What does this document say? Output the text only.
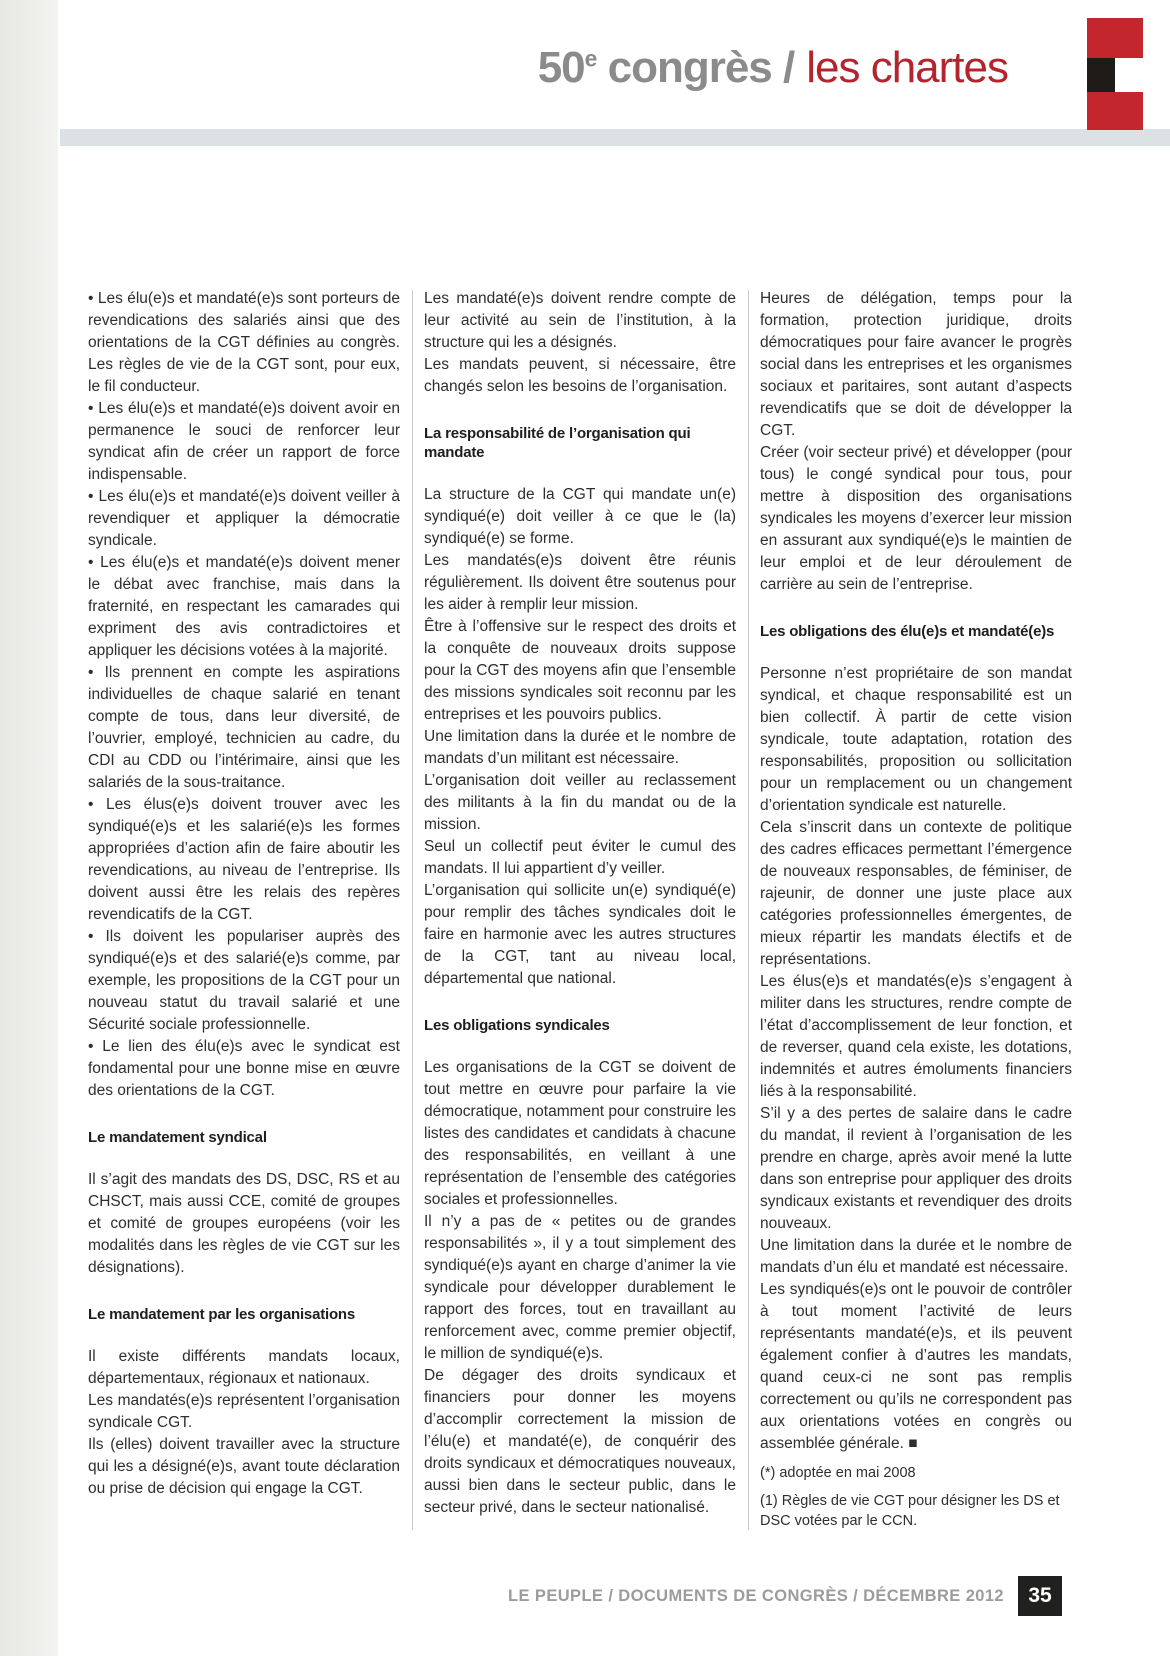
50e congrès / les chartes

• Les élu(e)s et mandaté(e)s sont porteurs de revendications des salariés ainsi que des orientations de la CGT définies au congrès. Les règles de vie de la CGT sont, pour eux, le fil conducteur.

• Les élu(e)s et mandaté(e)s doivent avoir en permanence le souci de renforcer leur syndicat afin de créer un rapport de force indispensable.

• Les élu(e)s et mandaté(e)s doivent veiller à revendiquer et appliquer la démocratie syndicale.

• Les élu(e)s et mandaté(e)s doivent mener le débat avec franchise, mais dans la fraternité, en respectant les camarades qui expriment des avis contradictoires et appliquer les décisions votées à la majorité.

• Ils prennent en compte les aspirations individuelles de chaque salarié en tenant compte de tous, dans leur diversité, de l’ouvrier, employé, technicien au cadre, du CDI au CDD ou l’intérimaire, ainsi que les salariés de la sous-traitance.

• Les élus(e)s doivent trouver avec les syndiqué(e)s et les salarié(e)s les formes appropriées d’action afin de faire aboutir les revendications, au niveau de l’entreprise. Ils doivent aussi être les relais des repères revendicatifs de la CGT.

• Ils doivent les populariser auprès des syndiqué(e)s et des salarié(e)s comme, par exemple, les propositions de la CGT pour un nouveau statut du travail salarié et une Sécurité sociale professionnelle.

• Le lien des élu(e)s avec le syndicat est fondamental pour une bonne mise en œuvre des orientations de la CGT.

Le mandatement syndical

Il s’agit des mandats des DS, DSC, RS et au CHSCT, mais aussi CCE, comité de groupes et comité de groupes européens (voir les modalités dans les règles de vie CGT sur les désignations).

Le mandatement par les organisations

Il existe différents mandats locaux, départementaux, régionaux et nationaux.

Les mandatés(e)s représentent l’organisation syndicale CGT.

Ils (elles) doivent travailler avec la structure qui les a désigné(e)s, avant toute déclaration ou prise de décision qui engage la CGT.

Les mandaté(e)s doivent rendre compte de leur activité au sein de l’institution, à la structure qui les a désignés.

Les mandats peuvent, si nécessaire, être changés selon les besoins de l’organisation.

La responsabilité de l’organisation qui mandate

La structure de la CGT qui mandate un(e) syndiqué(e) doit veiller à ce que le (la) syndiqué(e) se forme.

Les mandatés(e)s doivent être réunis régulièrement. Ils doivent être soutenus pour les aider à remplir leur mission.

Être à l’offensive sur le respect des droits et la conquête de nouveaux droits suppose pour la CGT des moyens afin que l’ensemble des missions syndicales soit reconnu par les entreprises et les pouvoirs publics.

Une limitation dans la durée et le nombre de mandats d’un militant est nécessaire.

L’organisation doit veiller au reclassement des militants à la fin du mandat ou de la mission.

Seul un collectif peut éviter le cumul des mandats. Il lui appartient d’y veiller.

L’organisation qui sollicite un(e) syndiqué(e) pour remplir des tâches syndicales doit le faire en harmonie avec les autres structures de la CGT, tant au niveau local, départemental que national.

Les obligations syndicales

Les organisations de la CGT se doivent de tout mettre en œuvre pour parfaire la vie démocratique, notamment pour construire les listes des candidates et candidats à chacune des responsabilités, en veillant à une représentation de l’ensemble des catégories sociales et professionnelles.

Il n’y a pas de « petites ou de grandes responsabilités », il y a tout simplement des syndiqué(e)s ayant en charge d’animer la vie syndicale pour développer durablement le rapport des forces, tout en travaillant au renforcement avec, comme premier objectif, le million de syndiqué(e)s.

De dégager des droits syndicaux et financiers pour donner les moyens d’accomplir correctement la mission de l’élu(e) et mandaté(e), de conquérir des droits syndicaux et démocratiques nouveaux, aussi bien dans le secteur public, dans le secteur privé, dans le secteur nationalisé.

Heures de délégation, temps pour la formation, protection juridique, droits démocratiques pour faire avancer le progrès social dans les entreprises et les organismes sociaux et paritaires, sont autant d’aspects revendicatifs que se doit de développer la CGT.

Créer (voir secteur privé) et développer (pour tous) le congé syndical pour tous, pour mettre à disposition des organisations syndicales les moyens d’exercer leur mission en assurant aux syndiqué(e)s le maintien de leur emploi et de leur déroulement de carrière au sein de l’entreprise.

Les obligations des élu(e)s et mandaté(e)s

Personne n’est propriétaire de son mandat syndical, et chaque responsabilité est un bien collectif. À partir de cette vision syndicale, toute adaptation, rotation des responsabilités, proposition ou sollicitation pour un remplacement ou un changement d’orientation syndicale est naturelle.

Cela s’inscrit dans un contexte de politique des cadres efficaces permettant l’émergence de nouveaux responsables, de féminiser, de rajeunir, de donner une juste place aux catégories professionnelles émergentes, de mieux répartir les mandats électifs et de représentations.

Les élus(e)s et mandatés(e)s s’engagent à militer dans les structures, rendre compte de l’état d’accomplissement de leur fonction, et de reverser, quand cela existe, les dotations, indemnités et autres émoluments financiers liés à la responsabilité.

S’il y a des pertes de salaire dans le cadre du mandat, il revient à l’organisation de les prendre en charge, après avoir mené la lutte dans son entreprise pour appliquer des droits syndicaux existants et revendiquer des droits nouveaux.

Une limitation dans la durée et le nombre de mandats d’un élu et mandaté est nécessaire.

Les syndiqués(e)s ont le pouvoir de contrôler à tout moment l’activité de leurs représentants mandaté(e)s, et ils peuvent également confier à d’autres les mandats, quand ceux-ci ne sont pas remplis correctement ou qu’ils ne correspondent pas aux orientations votées en congrès ou assemblée générale. ■

(*) adoptée en mai 2008

(1) Règles de vie CGT pour désigner les DS et DSC votées par le CCN.

LE PEUPLE / DOCUMENTS DE CONGRÈS / DÉCEMBRE 2012	35
